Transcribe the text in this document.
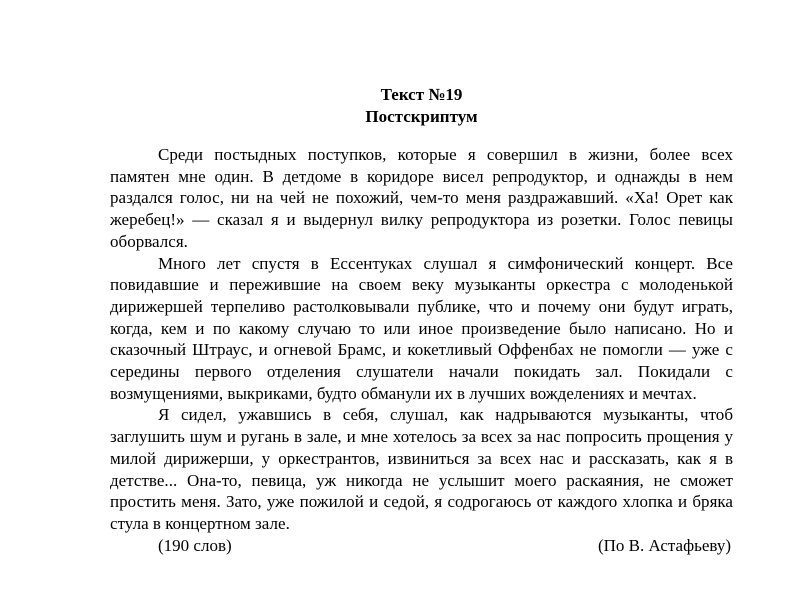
Текст №19
Постскриптум

Среди постыдных поступков, которые я совершил в жизни, более всех памятен мне один. В детдоме в коридоре висел репродуктор, и однажды в нем раздался голос, ни на чей не похожий, чем-то меня раздражавший. «Ха! Орет как жеребец!» — сказал я и выдернул вилку репродуктора из розетки. Голос певицы оборвался.

Много лет спустя в Ессентуках слушал я симфонический концерт. Все повидавшие и пережившие на своем веку музыканты оркестра с молоденькой дирижершей терпеливо растолковывали публике, что и почему они будут играть, когда, кем и по какому случаю то или иное произведение было написано. Но и сказочный Штраус, и огневой Брамс, и кокетливый Оффенбах не помогли — уже с середины первого отделения слушатели начали покидать зал. Покидали с возмущениями, выкриками, будто обманули их в лучших вожделениях и мечтах.

Я сидел, ужавшись в себя, слушал, как надрываются музыканты, чтоб заглушить шум и ругань в зале, и мне хотелось за всех за нас попросить прощения у милой дирижерши, у оркестрантов, извиниться за всех нас и рассказать, как я в детстве... Она-то, певица, уж никогда не услышит моего раскаяния, не сможет простить меня. Зато, уже пожилой и седой, я содрогаюсь от каждого хлопка и бряка стула в концертном зале.

(190 слов)	(По В. Астафьеву)
